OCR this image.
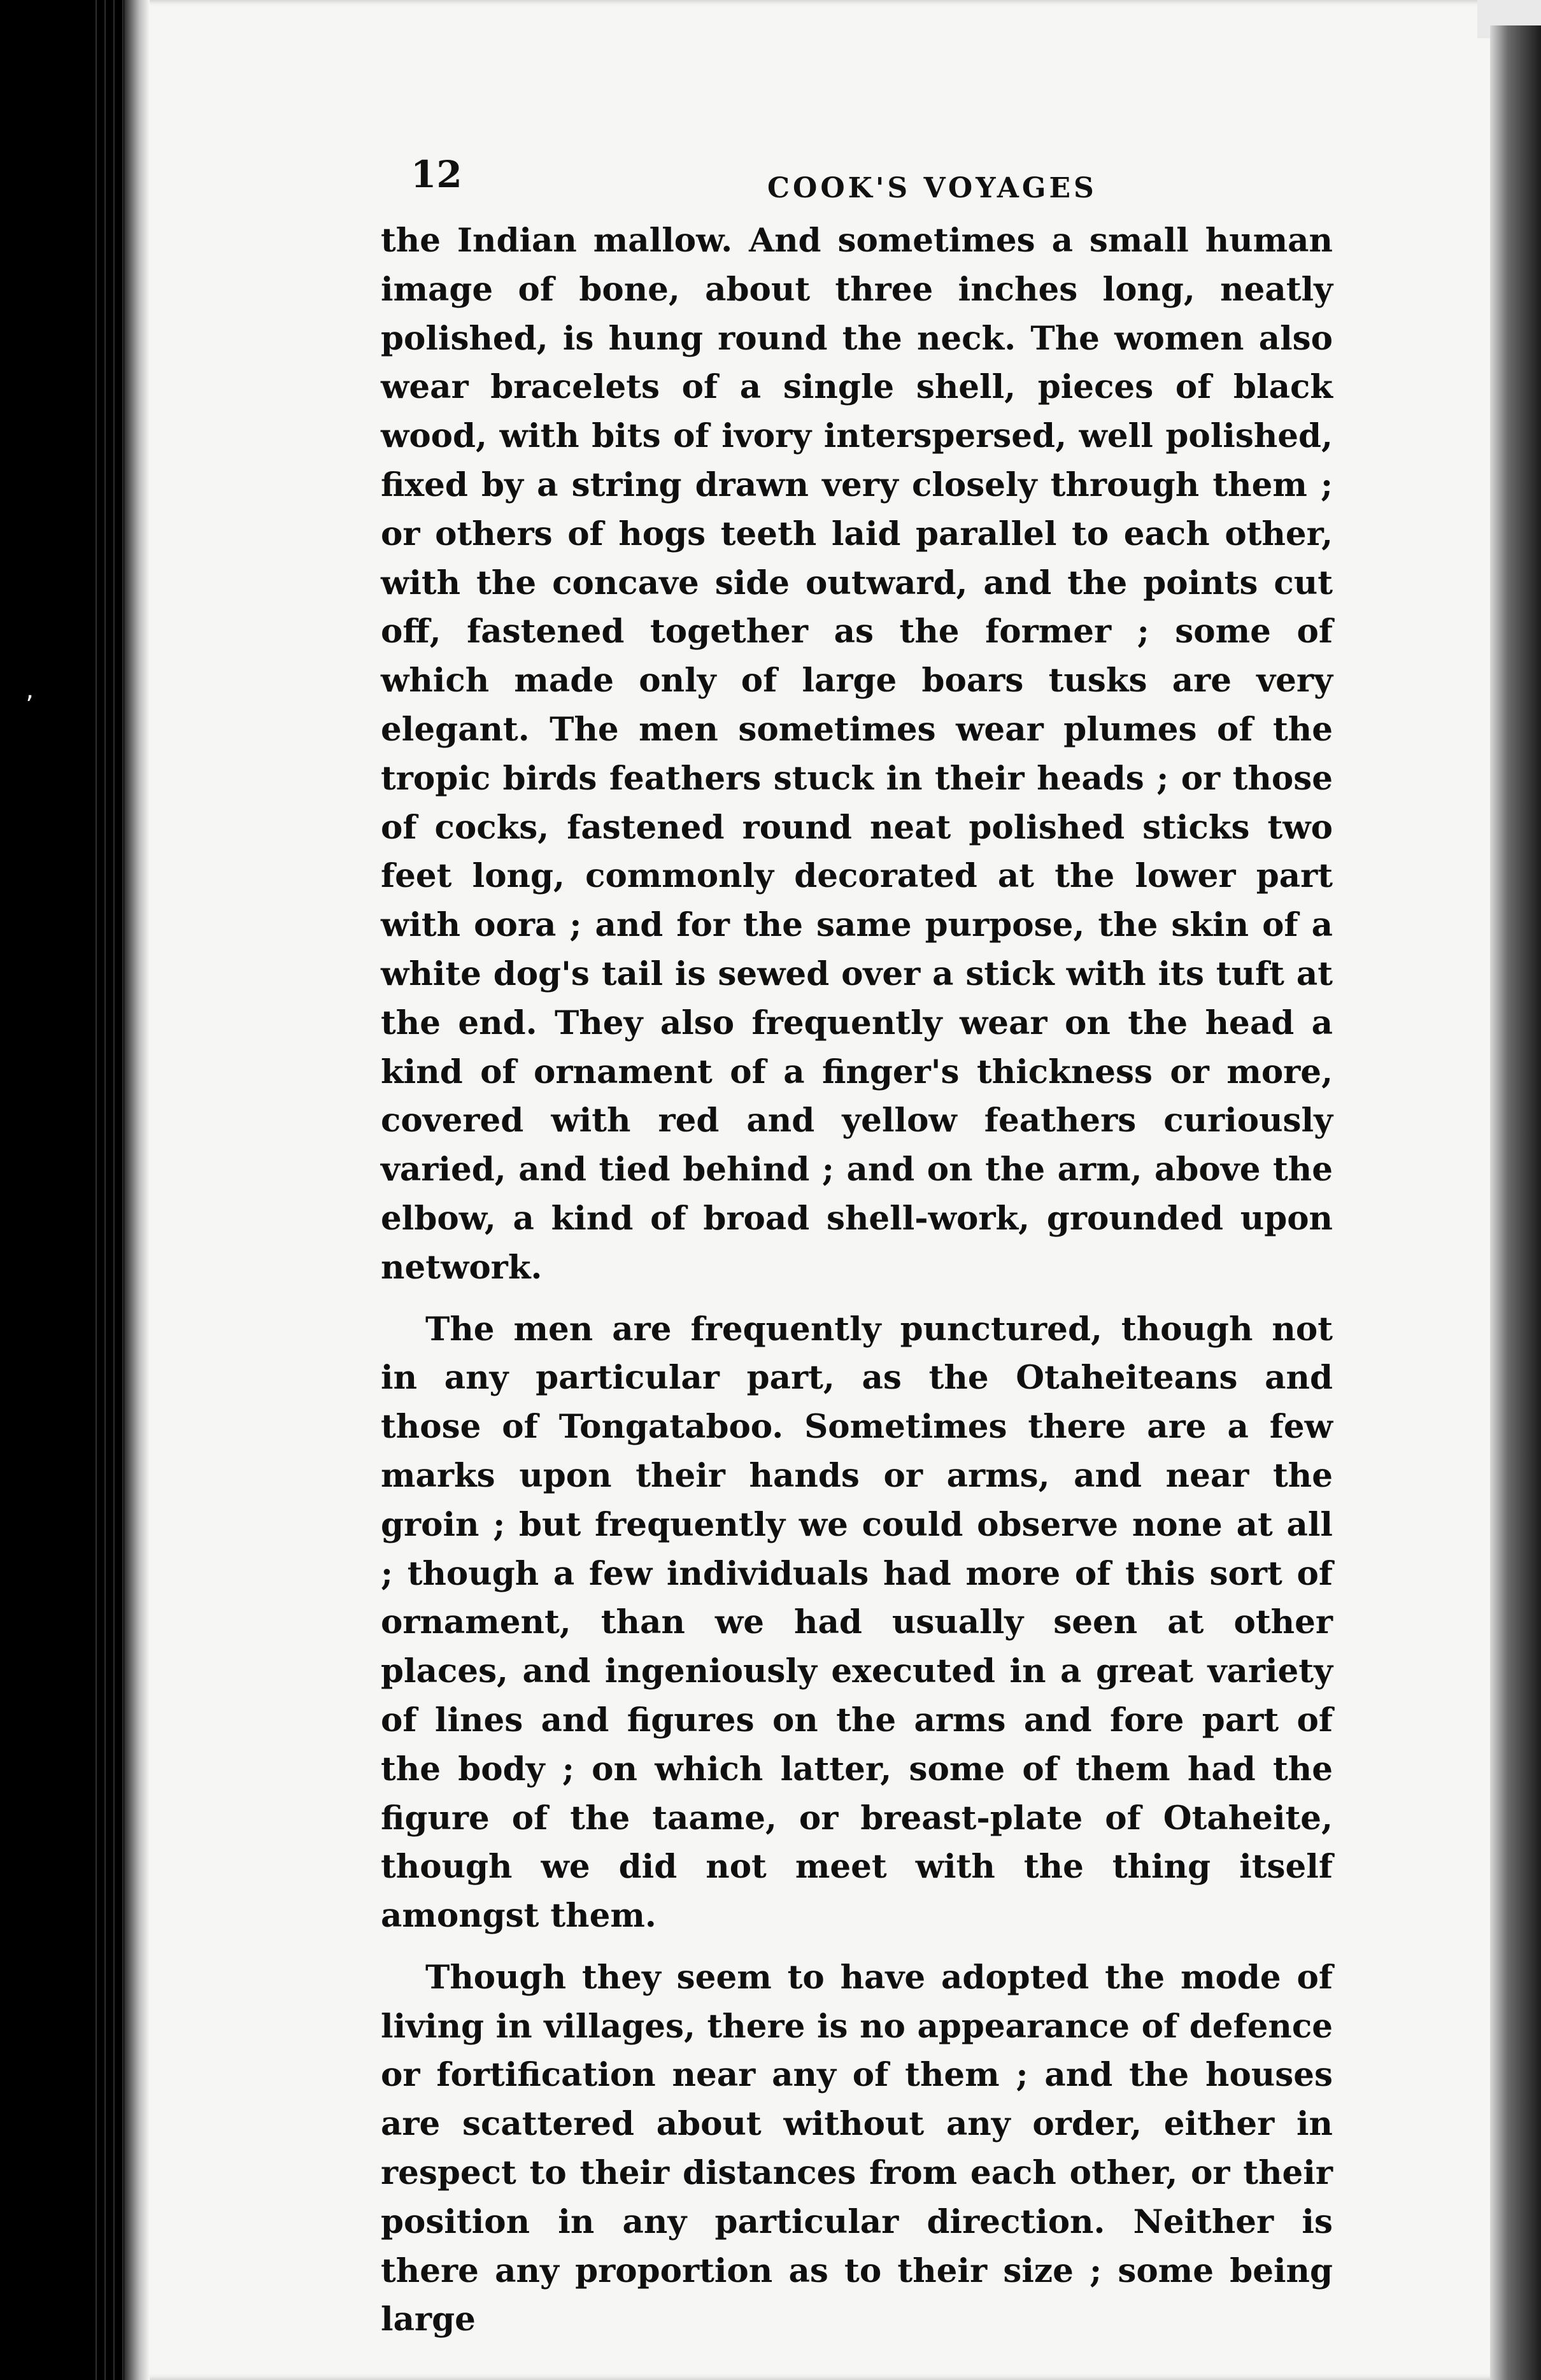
’
12	COOK'S VOYAGES

the Indian mallow. And sometimes a small human image of bone, about three inches long, neatly polished, is hung round the neck. The women also wear bracelets of a single shell, pieces of black wood, with bits of ivory interspersed, well polished, fixed by a string drawn very closely through them ; or others of hogs teeth laid parallel to each other, with the concave side outward, and the points cut off, fastened together as the former ; some of which made only of large boars tusks are very elegant. The men sometimes wear plumes of the tropic birds feathers stuck in their heads ; or those of cocks, fastened round neat polished sticks two feet long, commonly decorated at the lower part with oora ; and for the same purpose, the skin of a white dog's tail is sewed over a stick with its tuft at the end. They also frequently wear on the head a kind of ornament of a finger's thickness or more, covered with red and yellow feathers curiously varied, and tied behind ; and on the arm, above the elbow, a kind of broad shell-work, grounded upon network.

The men are frequently punctured, though not in any particular part, as the Otaheiteans and those of Tongataboo. Sometimes there are a few marks upon their hands or arms, and near the groin ; but frequently we could observe none at all ; though a few individuals had more of this sort of ornament, than we had usually seen at other places, and ingeniously executed in a great variety of lines and figures on the arms and fore part of the body ; on which latter, some of them had the figure of the taame, or breast-plate of Otaheite, though we did not meet with the thing itself amongst them.

Though they seem to have adopted the mode of living in villages, there is no appearance of defence or fortification near any of them ; and the houses are scattered about without any order, either in respect to their distances from each other, or their position in any particular direction. Neither is there any proportion as to their size ; some being large
